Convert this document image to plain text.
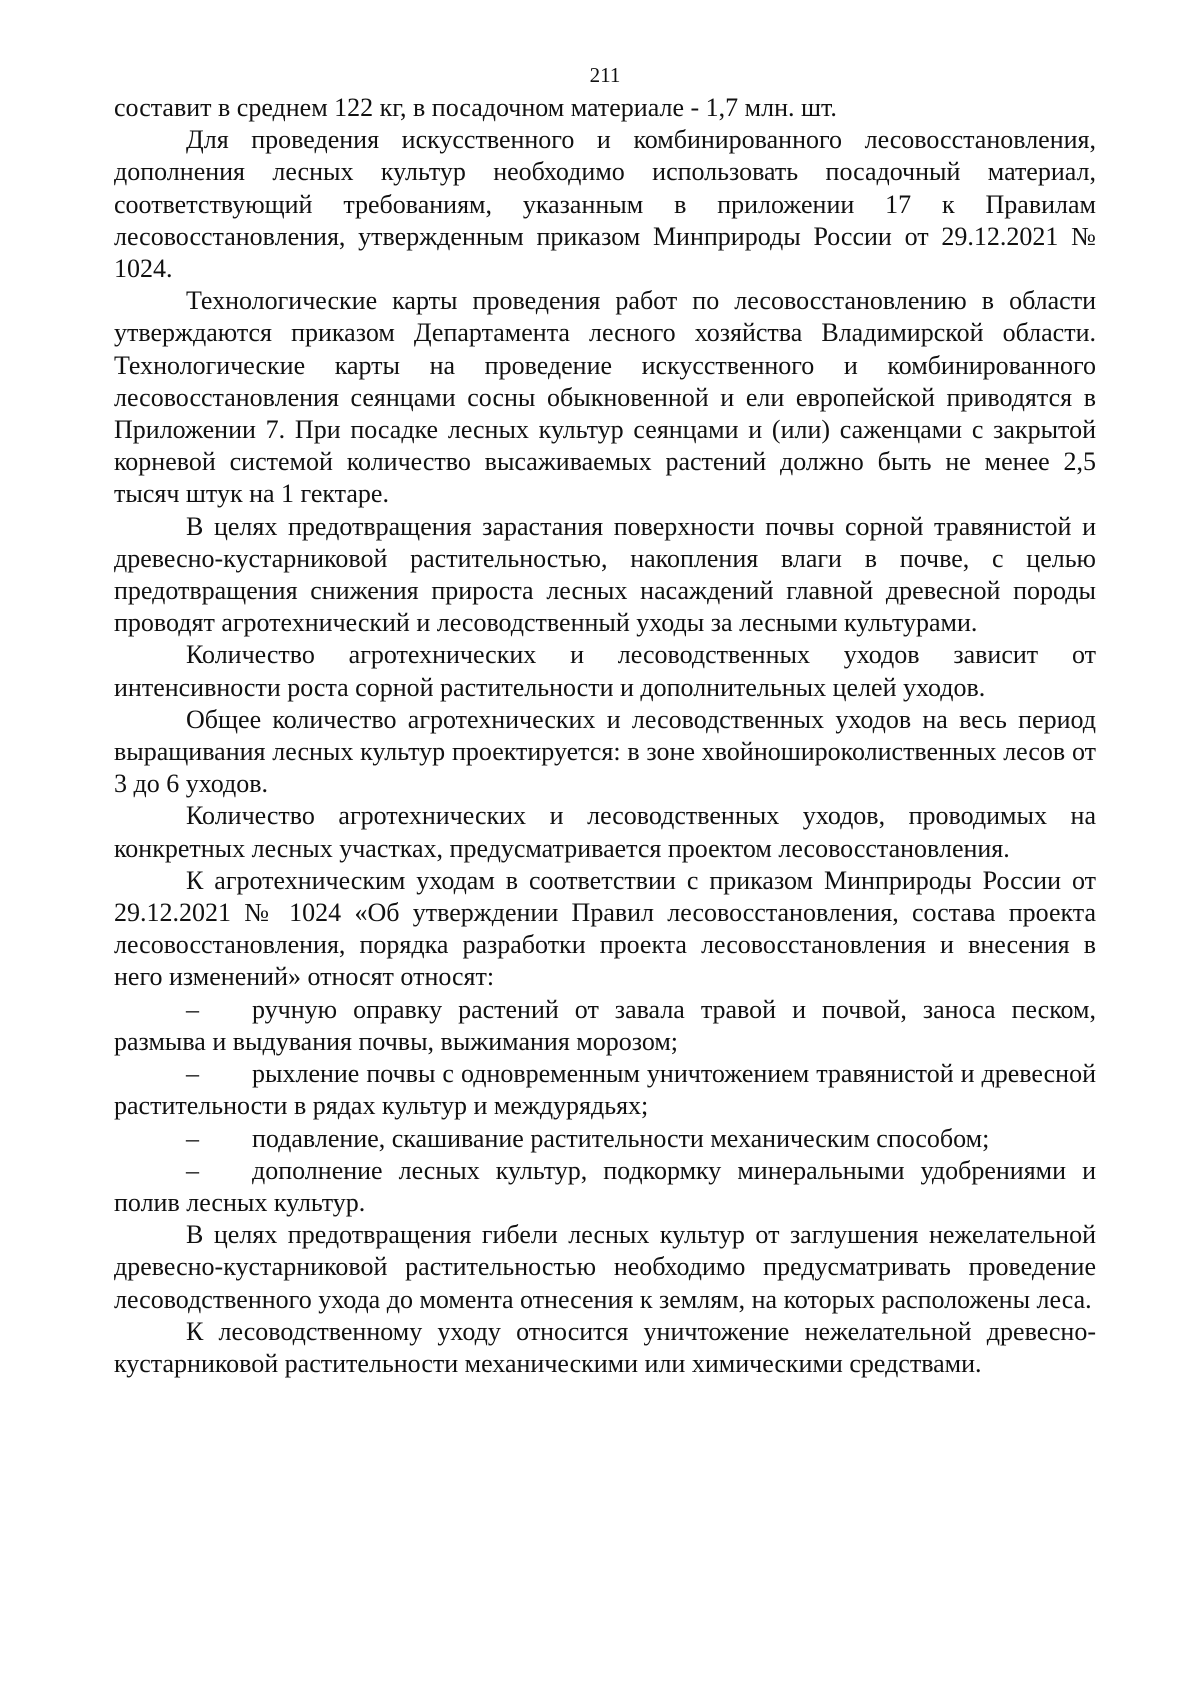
211

составит в среднем 122 кг, в посадочном материале - 1,7 млн. шт.

Для проведения искусственного и комбинированного лесовосстановления, дополнения лесных культур необходимо использовать посадочный материал, соответствующий требованиям, указанным в приложении 17 к Правилам лесовосстановления, утвержденным приказом Минприроды России от 29.12.2021 № 1024.

Технологические карты проведения работ по лесовосстановлению в области утверждаются приказом Департамента лесного хозяйства Владимирской области. Технологические карты на проведение искусственного и комбинированного лесовосстановления сеянцами сосны обыкновенной и ели европейской приводятся в Приложении 7. При посадке лесных культур сеянцами и (или) саженцами с закрытой корневой системой количество высаживаемых растений должно быть не менее 2,5 тысяч штук на 1 гектаре.

В целях предотвращения зарастания поверхности почвы сорной травянистой и древесно-кустарниковой растительностью, накопления влаги в почве, с целью предотвращения снижения прироста лесных насаждений главной древесной породы проводят агротехнический и лесоводственный уходы за лесными культурами.

Количество агротехнических и лесоводственных уходов зависит от интенсивности роста сорной растительности и дополнительных целей уходов.

Общее количество агротехнических и лесоводственных уходов на весь период выращивания лесных культур проектируется: в зоне хвойношироколиственных лесов от 3 до 6 уходов.

Количество агротехнических и лесоводственных уходов, проводимых на конкретных лесных участках, предусматривается проектом лесовосстановления.

К агротехническим уходам в соответствии с приказом Минприроды России от 29.12.2021 № 1024 «Об утверждении Правил лесовосстановления, состава проекта лесовосстановления, порядка разработки проекта лесовосстановления и внесения в него изменений» относят относят:

– ручную оправку растений от завала травой и почвой, заноса песком, размыва и выдувания почвы, выжимания морозом;

– рыхление почвы с одновременным уничтожением травянистой и древесной растительности в рядах культур и междурядьях;

– подавление, скашивание растительности механическим способом;

– дополнение лесных культур, подкормку минеральными удобрениями и полив лесных культур.

В целях предотвращения гибели лесных культур от заглушения нежелательной древесно-кустарниковой растительностью необходимо предусматривать проведение лесоводственного ухода до момента отнесения к землям, на которых расположены леса.

К лесоводственному уходу относится уничтожение нежелательной древесно-кустарниковой растительности механическими или химическими средствами.
